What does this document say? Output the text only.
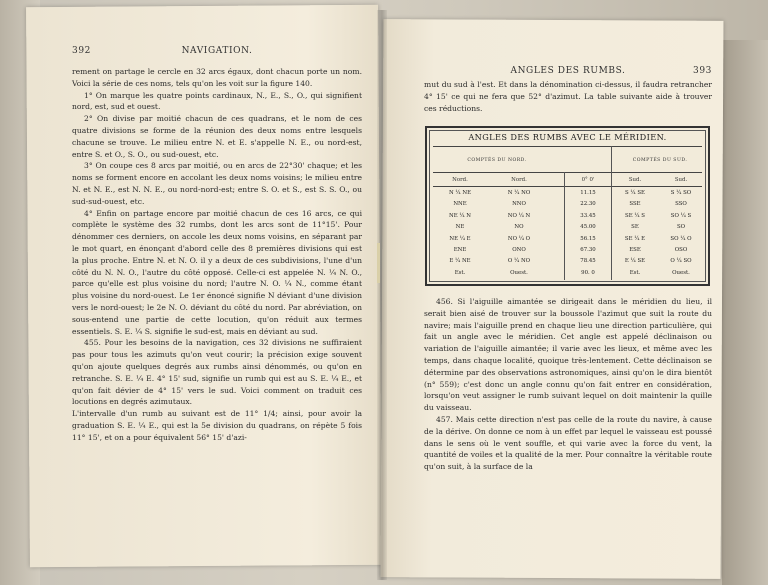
392	NAVIGATION.

rement on partage le cercle en 32 arcs égaux, dont chacun porte un nom. Voici la série de ces noms, tels qu'on les voit sur la figure 140.

1° On marque les quatre points cardinaux, N., E., S., O., qui signifient nord, est, sud et ouest.

2° On divise par moitié chacun de ces quadrans, et le nom de ces quatre divisions se forme de la réunion des deux noms entre lesquels chacune se trouve. Le milieu entre N. et E. s'appelle N. E., ou nord-est, entre S. et O., S. O., ou sud-ouest, etc.

3° On coupe ces 8 arcs par moitié, ou en arcs de 22°30' chaque; et les noms se forment encore en accolant les deux noms voisins; le milieu entre N. et N. E., est N. N. E., ou nord-nord-est; entre S. O. et S., est S. S. O., ou sud-sud-ouest, etc.

4° Enfin on partage encore par moitié chacun de ces 16 arcs, ce qui complète le système des 32 rumbs, dont les arcs sont de 11°15'. Pour dénommer ces derniers, on accole les deux noms voisins, en séparant par le mot quart, en énonçant d'abord celle des 8 premières divisions qui est la plus proche. Entre N. et N. O. il y a deux de ces subdivisions, l'une d'un côté du N. N. O., l'autre du côté opposé. Celle-ci est appelée N. ¼ N. O., parce qu'elle est plus voisine du nord; l'autre N. O. ¼ N., comme étant plus voisine du nord-ouest. Le 1er énoncé signifie N déviant d'une division vers le nord-ouest; le 2e N. O. déviant du côté du nord. Par abréviation, on sous-entend une partie de cette locution, qu'on réduit aux termes essentiels. S. E. ¼ S. signifie le sud-est, mais en déviant au sud.

455. Pour les besoins de la navigation, ces 32 divisions ne suffiraient pas pour tous les azimuts qu'on veut courir; la précision exige souvent qu'on ajoute quelques degrés aux rumbs ainsi dénommés, ou qu'on en retranche. S. E. ¼ E. 4° 15' sud, signifie un rumb qui est au S. E. ¼ E., et qu'on fait dévier de 4° 15' vers le sud. Voici comment on traduit ces locutions en degrés azimutaux.

L'intervalle d'un rumb au suivant est de 11° 1/4; ainsi, pour avoir la graduation S. E. ¼ E., qui est la 5e division du quadrans, on répète 5 fois 11° 15', et on a pour équivalent 56° 15' d'azi-

ANGLES DES RUMBS.	393

mut du sud à l'est. Et dans la dénomination ci-dessus, il faudra retrancher 4° 15' ce qui ne fera que 52° d'azimut. La table suivante aide à trouver ces réductions.

ANGLES DES RUMBS AVEC LE MÉRIDIEN.
COMPTÉS DU NORD.	COMPTÉS DU SUD.
Nord.	Nord.	0° 0'	Sud.	Sud.
N ¼ NE	N ¼ NO	11.15	S ¼ SE	S ¼ SO
NNE	NNO	22.30	SSE	SSO
NE ¼ N	NO ¼ N	33.45	SE ¼ S	SO ¼ S
NE	NO	45.00	SE	SO
NE ¼ E	NO ¼ O	56.15	SE ¼ E	SO ¼ O
ENE	ONO	67.30	ESE	OSO
E ¼ NE	O ¼ NO	78.45	E ¼ SE	O ¼ SO
Est.	Ouest.	90. 0	Est.	Ouest.

456. Si l'aiguille aimantée se dirigeait dans le méridien du lieu, il serait bien aisé de trouver sur la boussole l'azimut que suit la route du navire; mais l'aiguille prend en chaque lieu une direction particulière, qui fait un angle avec le méridien. Cet angle est appelé déclinaison ou variation de l'aiguille aimantée; il varie avec les lieux, et même avec les temps, dans chaque localité, quoique très-lentement. Cette déclinaison se détermine par des observations astronomiques, ainsi qu'on le dira bientôt (n° 559); c'est donc un angle connu qu'on fait entrer en considération, lorsqu'on veut assigner le rumb suivant lequel on doit maintenir la quille du vaisseau.

457. Mais cette direction n'est pas celle de la route du navire, à cause de la dérive. On donne ce nom à un effet par lequel le vaisseau est poussé dans le sens où le vent souffle, et qui varie avec la force du vent, la quantité de voiles et la qualité de la mer. Pour connaître la véritable route qu'on suit, à la surface de la
